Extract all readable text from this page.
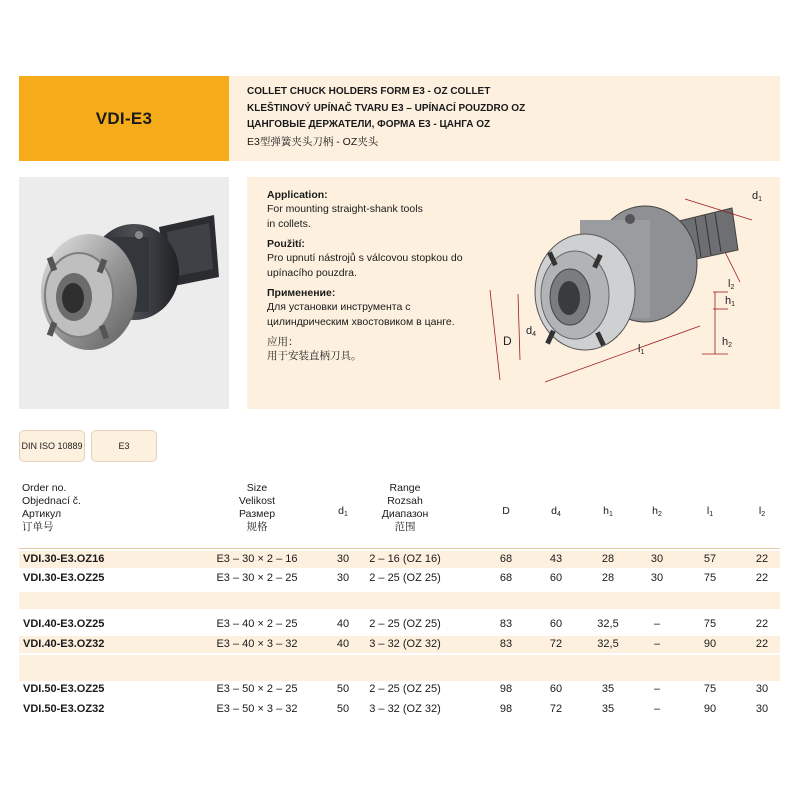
VDI-E3
COLLET CHUCK HOLDERS FORM E3 - OZ COLLET
KLEŠTINOVÝ UPÍNAČ TVARU E3 – UPÍNACÍ POUZDRO OZ
ЦАНГОВЫЕ ДЕРЖАТЕЛИ, ФОРМА E3 - ЦАНГА OZ
E3型弹簧夹头刀柄 - OZ夹头
Application:
For mounting straight-shank tools in collets.
Použití:
Pro upnutí nástrojů s válcovou stopkou do upínacího pouzdra.
Применение:
Для установки инструмента с цилиндрическим хвостовиком в цанге.
应用：
用于安装直柄刀具。
d1
l2
h1
h2
D
d4
l1
DIN ISO 10889	E3
Order no.
Objednací č.
Артикул
订单号
Size
Velikost
Размер
规格
Range
Rozsah
Диапазон
范围
$d_1$	D	$d_4$	$h_1$	$h_2$	$l_1$	$l_2$
VDI.30-E3.OZ16	E3 – 30 × 2 – 16	30	2 – 16 (OZ 16)	68	43	28	30	57	22
VDI.30-E3.OZ25	E3 – 30 × 2 – 25	30	2 – 25 (OZ 25)	68	60	28	30	75	22
VDI.40-E3.OZ25	E3 – 40 × 2 – 25	40	2 – 25 (OZ 25)	83	60	32,5	–	75	22
VDI.40-E3.OZ32	E3 – 40 × 3 – 32	40	3 – 32 (OZ 32)	83	72	32,5	–	90	22
VDI.50-E3.OZ25	E3 – 50 × 2 – 25	50	2 – 25 (OZ 25)	98	60	35	–	75	30
VDI.50-E3.OZ32	E3 – 50 × 3 – 32	50	3 – 32 (OZ 32)	98	72	35	–	90	30
